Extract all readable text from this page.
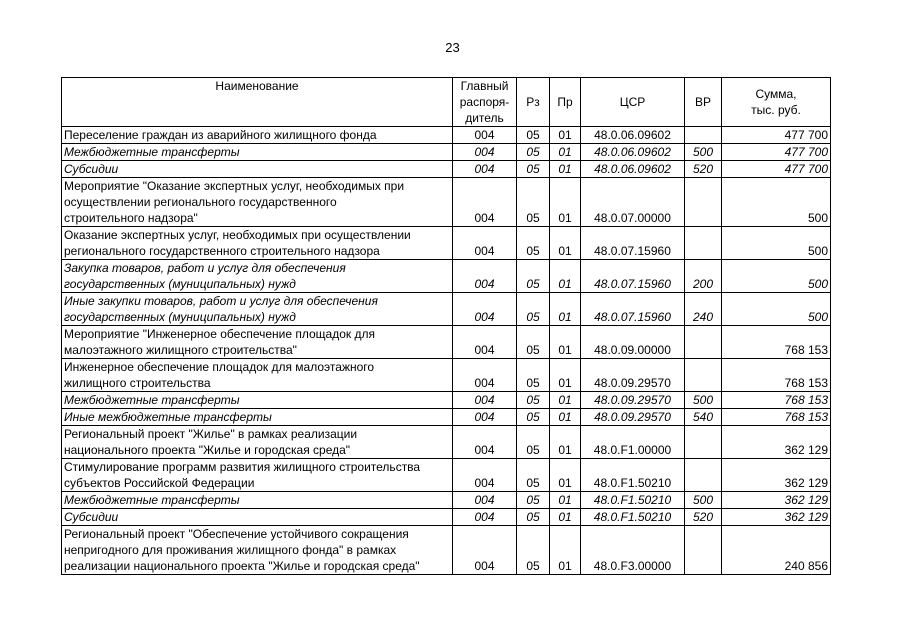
23
Наименование	Главный
распоря-
дитель	Рз	Пр	ЦСР	ВР	Сумма,
тыс. руб.
Переселение граждан из аварийного жилищного фонда	004	05	01	48.0.06.09602		477 700
Межбюджетные трансферты	004	05	01	48.0.06.09602	500	477 700
Субсидии	004	05	01	48.0.06.09602	520	477 700
Мероприятие "Оказание экспертных услуг, необходимых при
осуществлении регионального государственного
строительного надзора"	004	05	01	48.0.07.00000		500
Оказание экспертных услуг, необходимых при осуществлении
регионального государственного строительного надзора	004	05	01	48.0.07.15960		500
Закупка товаров, работ и услуг для обеспечения
государственных (муниципальных) нужд	004	05	01	48.0.07.15960	200	500
Иные закупки товаров, работ и услуг для обеспечения
государственных (муниципальных) нужд	004	05	01	48.0.07.15960	240	500
Мероприятие "Инженерное обеспечение площадок для
малоэтажного жилищного строительства"	004	05	01	48.0.09.00000		768 153
Инженерное обеспечение площадок для малоэтажного
жилищного строительства	004	05	01	48.0.09.29570		768 153
Межбюджетные трансферты	004	05	01	48.0.09.29570	500	768 153
Иные межбюджетные трансферты	004	05	01	48.0.09.29570	540	768 153
Региональный проект "Жилье" в рамках реализации
национального проекта "Жилье и городская среда"	004	05	01	48.0.F1.00000		362 129
Стимулирование программ развития жилищного строительства
субъектов Российской Федерации	004	05	01	48.0.F1.50210		362 129
Межбюджетные трансферты	004	05	01	48.0.F1.50210	500	362 129
Субсидии	004	05	01	48.0.F1.50210	520	362 129
Региональный проект "Обеспечение устойчивого сокращения
непригодного для проживания жилищного фонда" в рамках
реализации национального проекта "Жилье и городская среда"	004	05	01	48.0.F3.00000		240 856
